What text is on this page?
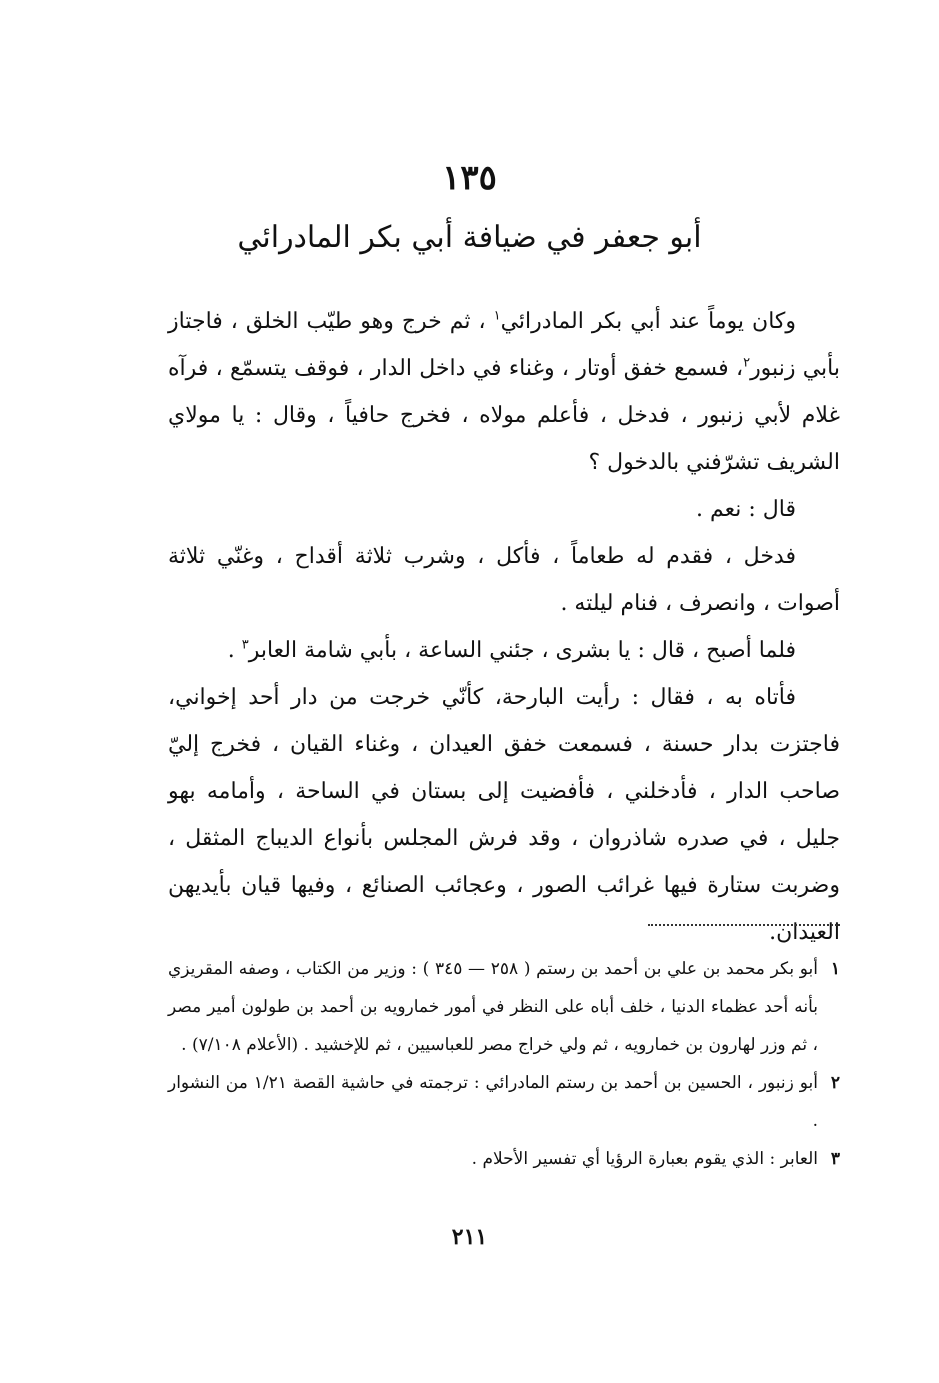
١٣٥
أبو جعفر في ضيافة أبي بكر المادرائي

وكان يوماً عند أبي بكر المادرائي$^١$ ، ثم خرج وهو طيّب الخلق ، فاجتاز بأبي زنبور$^٢$، فسمع خفق أوتار ، وغناء في داخل الدار ، فوقف يتسمّع ، فرآه غلام لأبي زنبور ، فدخل ، فأعلم مولاه ، فخرج حافياً ، وقال : يا مولاي الشريف تشرّفني بالدخول ؟

قال : نعم .

فدخل ، فقدم له طعاماً ، فأكل ، وشرب ثلاثة أقداح ، وغنّي ثلاثة أصوات ، وانصرف ، فنام ليلته .

فلما أصبح ، قال : يا بشرى ، جئني الساعة ، بأبي شامة العابر$^٣$ .

فأتاه به ، فقال : رأيت البارحة، كأنّي خرجت من دار أحد إخواني، فاجتزت بدار حسنة ، فسمعت خفق العيدان ، وغناء القيان ، فخرج إليّ صاحب الدار ، فأدخلني ، فأفضيت إلى بستان في الساحة ، وأمامه بهو جليل ، في صدره شاذروان ، وقد فرش المجلس بأنواع الديباج المثقل ، وضربت ستارة فيها غرائب الصور ، وعجائب الصنائع ، وفيها قيان بأيديهن العيدان.

١
أبو بكر محمد بن علي بن أحمد بن رستم ( ٢٥٨ — ٣٤٥ ) : وزير من الكتاب ، وصفه المقريزي بأنه أحد عظماء الدنيا ، خلف أباه على النظر في أمور خمارويه بن أحمد بن طولون أمير مصر ، ثم وزر لهارون بن خمارويه ، ثم ولي خراج مصر للعباسيين ، ثم للإخشيد . (الأعلام ٧/١٠٨) .
٢
أبو زنبور ، الحسين بن أحمد بن رستم المادرائي : ترجمته في حاشية القصة ١/٢١ من النشوار .
٣
العابر : الذي يقوم بعبارة الرؤيا أي تفسير الأحلام .
٢١١
